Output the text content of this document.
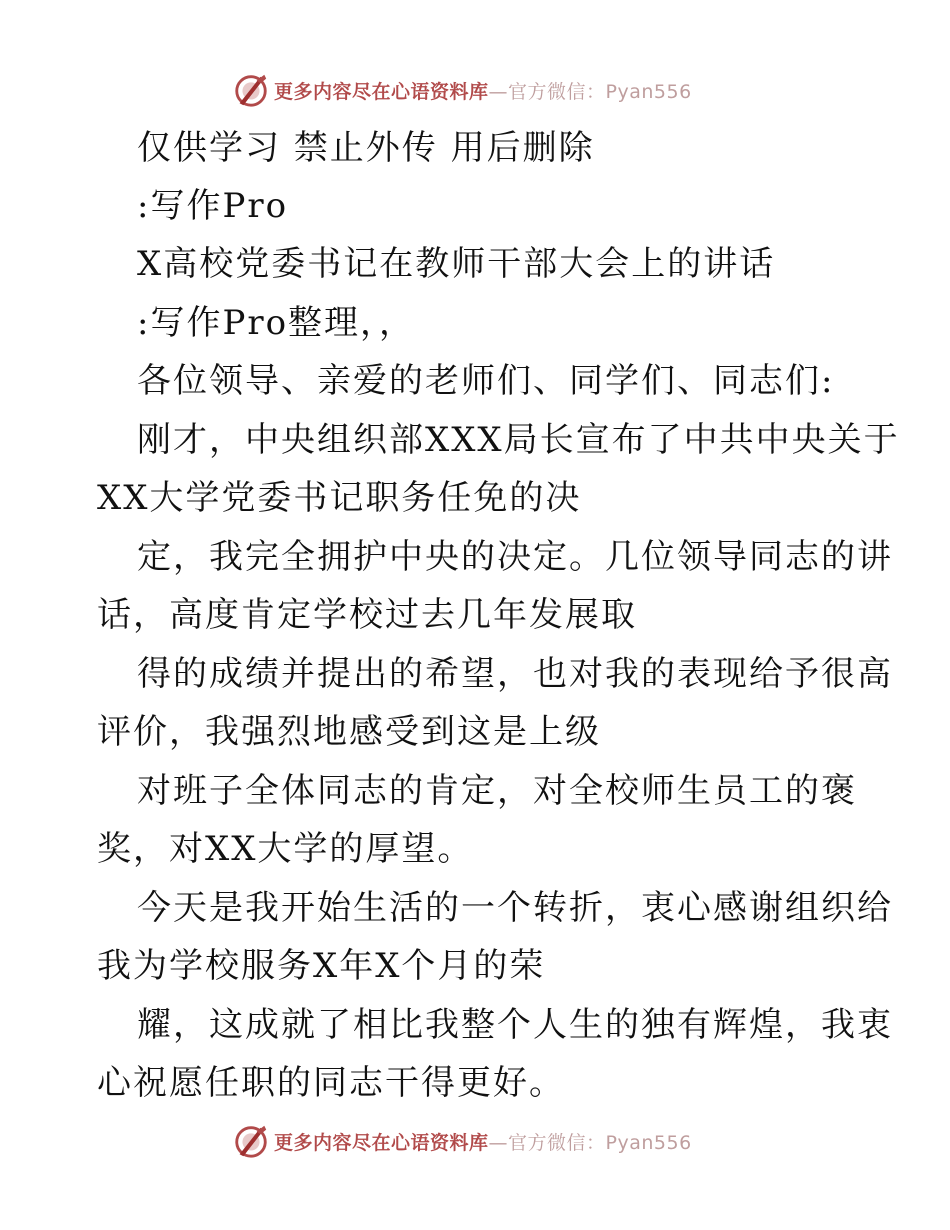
更多内容尽在心语资料库—官方微信：Pyan556
仅供学习 禁止外传 用后删除
:写作Pro
X高校党委书记在教师干部大会上的讲话
:写作Pro整理，，
各位领导、亲爱的老师们、同学们、同志们:
刚才，中央组织部XXX局长宣布了中共中央关于
XX大学党委书记职务任免的决
定，我完全拥护中央的决定。几位领导同志的讲
话，高度肯定学校过去几年发展取
得的成绩并提出的希望，也对我的表现给予很高
评价，我强烈地感受到这是上级
对班子全体同志的肯定，对全校师生员工的褒
奖，对XX大学的厚望。
今天是我开始生活的一个转折，衷心感谢组织给
我为学校服务X年X个月的荣
耀，这成就了相比我整个人生的独有辉煌，我衷
心祝愿任职的同志干得更好。
更多内容尽在心语资料库—官方微信：Pyan556
